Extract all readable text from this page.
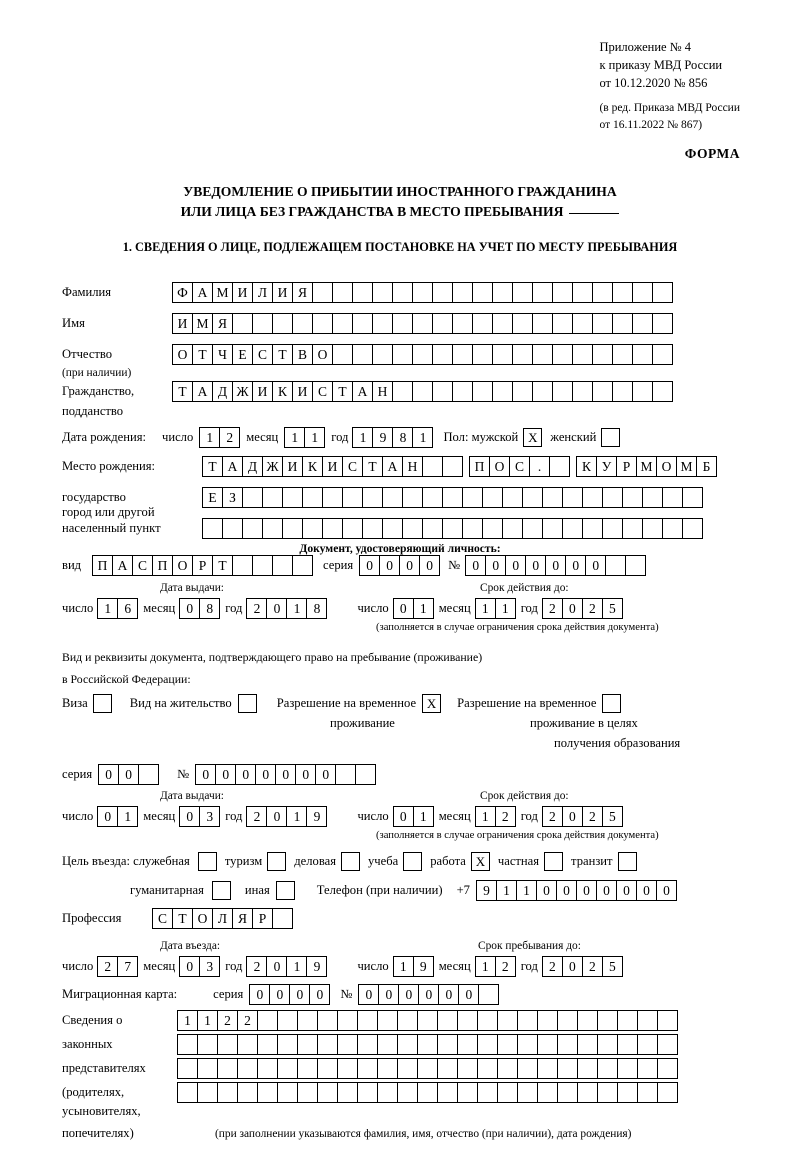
Приложение № 4
к приказу МВД России
от 10.12.2020 № 856
(в ред. Приказа МВД России
от 16.11.2022 № 867)
ФОРМА
УВЕДОМЛЕНИЕ О ПРИБЫТИИ ИНОСТРАННОГО ГРАЖДАНИНА
ИЛИ ЛИЦА БЕЗ ГРАЖДАНСТВА В МЕСТО ПРЕБЫВАНИЯ
1. СВЕДЕНИЯ О ЛИЦЕ, ПОДЛЕЖАЩЕМ ПОСТАНОВКЕ НА УЧЕТ ПО МЕСТУ ПРЕБЫВАНИЯ
Фамилия	Ф А М И Л И Я
Имя	И М Я
Отчество	О Т Ч Е С Т В О
(при наличии)
Гражданство,	Т А Д Ж И К И С Т А Н
подданство
Дата рождения: число 1 2	месяц 1 1	год 1 9 8 1	Пол: мужской X	женский
Место рождения:	Т А Д Ж И К И С Т А Н	П О С	.	К У Р М О М Б
государство	Е З
город или другой
населенный пункт
Документ, удостоверяющий личность:
вид	П А С П О Р Т	серия 0 0 0 0	№ 0 0 0 0 0 0 0
Дата выдачи:	Срок действия до:
число 1 6 месяц 0 8 год 2 0 1 8	число 0 1 месяц 1 1 год 2 0 2 5
(заполняется в случае ограничения срока действия документа)
Вид и реквизиты документа, подтверждающего право на пребывание (проживание)
в Российской Федерации:
Виза	Вид на жительство	Разрешение на временное X	Разрешение на временное
проживание	проживание в целях
получения образования
серия 0 0	№ 0 0 0 0 0 0 0
Дата выдачи:	Срок действия до:
число 0 1 месяц 0 3 год 2 0 1 9	число 0 1 месяц 1 2 год 2 0 2 5
(заполняется в случае ограничения срока действия документа)
Цель въезда: служебная	туризм	деловая	учеба	работа X	частная	транзит
гуманитарная	иная	Телефон (при наличии) +7 9 1 1 0 0 0 0 0 0 0
Профессия	С Т О Л Я Р
Дата въезда:	Срок пребывания до:
число 2 7 месяц 0 3 год 2 0 1 9	число 1 9 месяц 1 2 год 2 0 2 5
Миграционная карта:	серия 0 0 0 0	№ 0 0 0 0 0 0
Сведения о	1 1 2 2
законных
представителях
(родителях,
усыновителях,
попечителях)	(при заполнении указываются фамилия, имя, отчество (при наличии), дата рождения)
